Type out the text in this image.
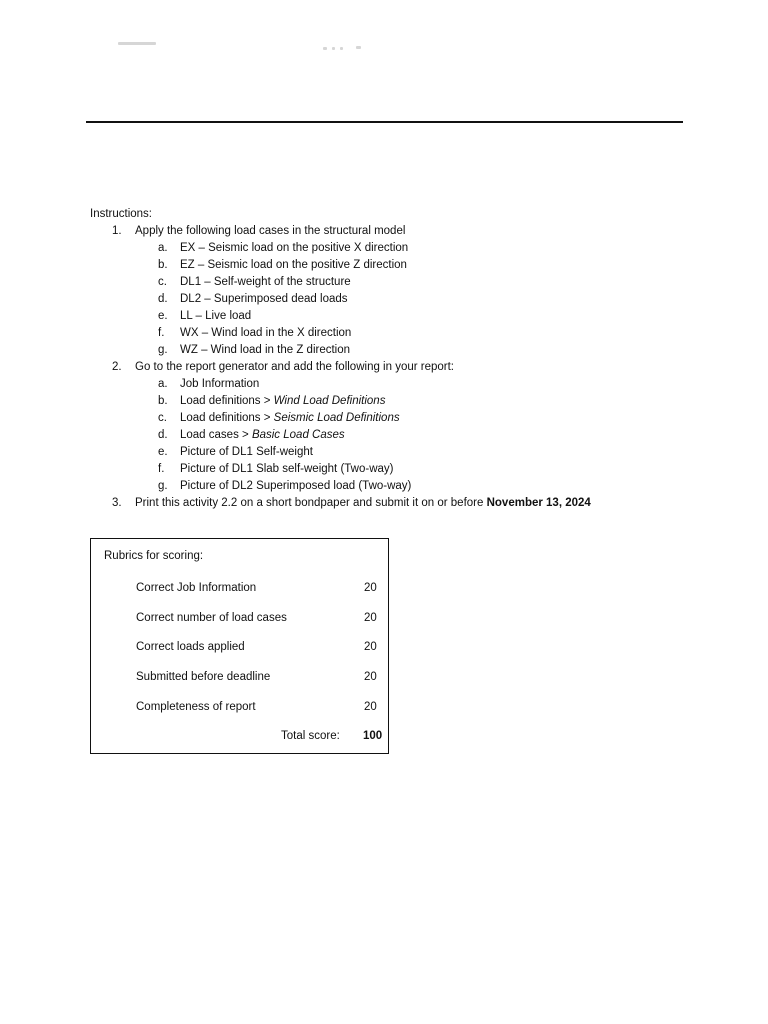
Instructions:
1. Apply the following load cases in the structural model
a. EX – Seismic load on the positive X direction
b. EZ – Seismic load on the positive Z direction
c. DL1 – Self-weight of the structure
d. DL2 – Superimposed dead loads
e. LL – Live load
f. WX – Wind load in the X direction
g. WZ – Wind load in the Z direction
2. Go to the report generator and add the following in your report:
a. Job Information
b. Load definitions > Wind Load Definitions
c. Load definitions > Seismic Load Definitions
d. Load cases > Basic Load Cases
e. Picture of DL1 Self-weight
f. Picture of DL1 Slab self-weight (Two-way)
g. Picture of DL2 Superimposed load (Two-way)
3. Print this activity 2.2 on a short bondpaper and submit it on or before November 13, 2024
Rubrics for scoring:
Correct Job Information	20
Correct number of load cases	20
Correct loads applied	20
Submitted before deadline	20
Completeness of report	20
Total score: 100
